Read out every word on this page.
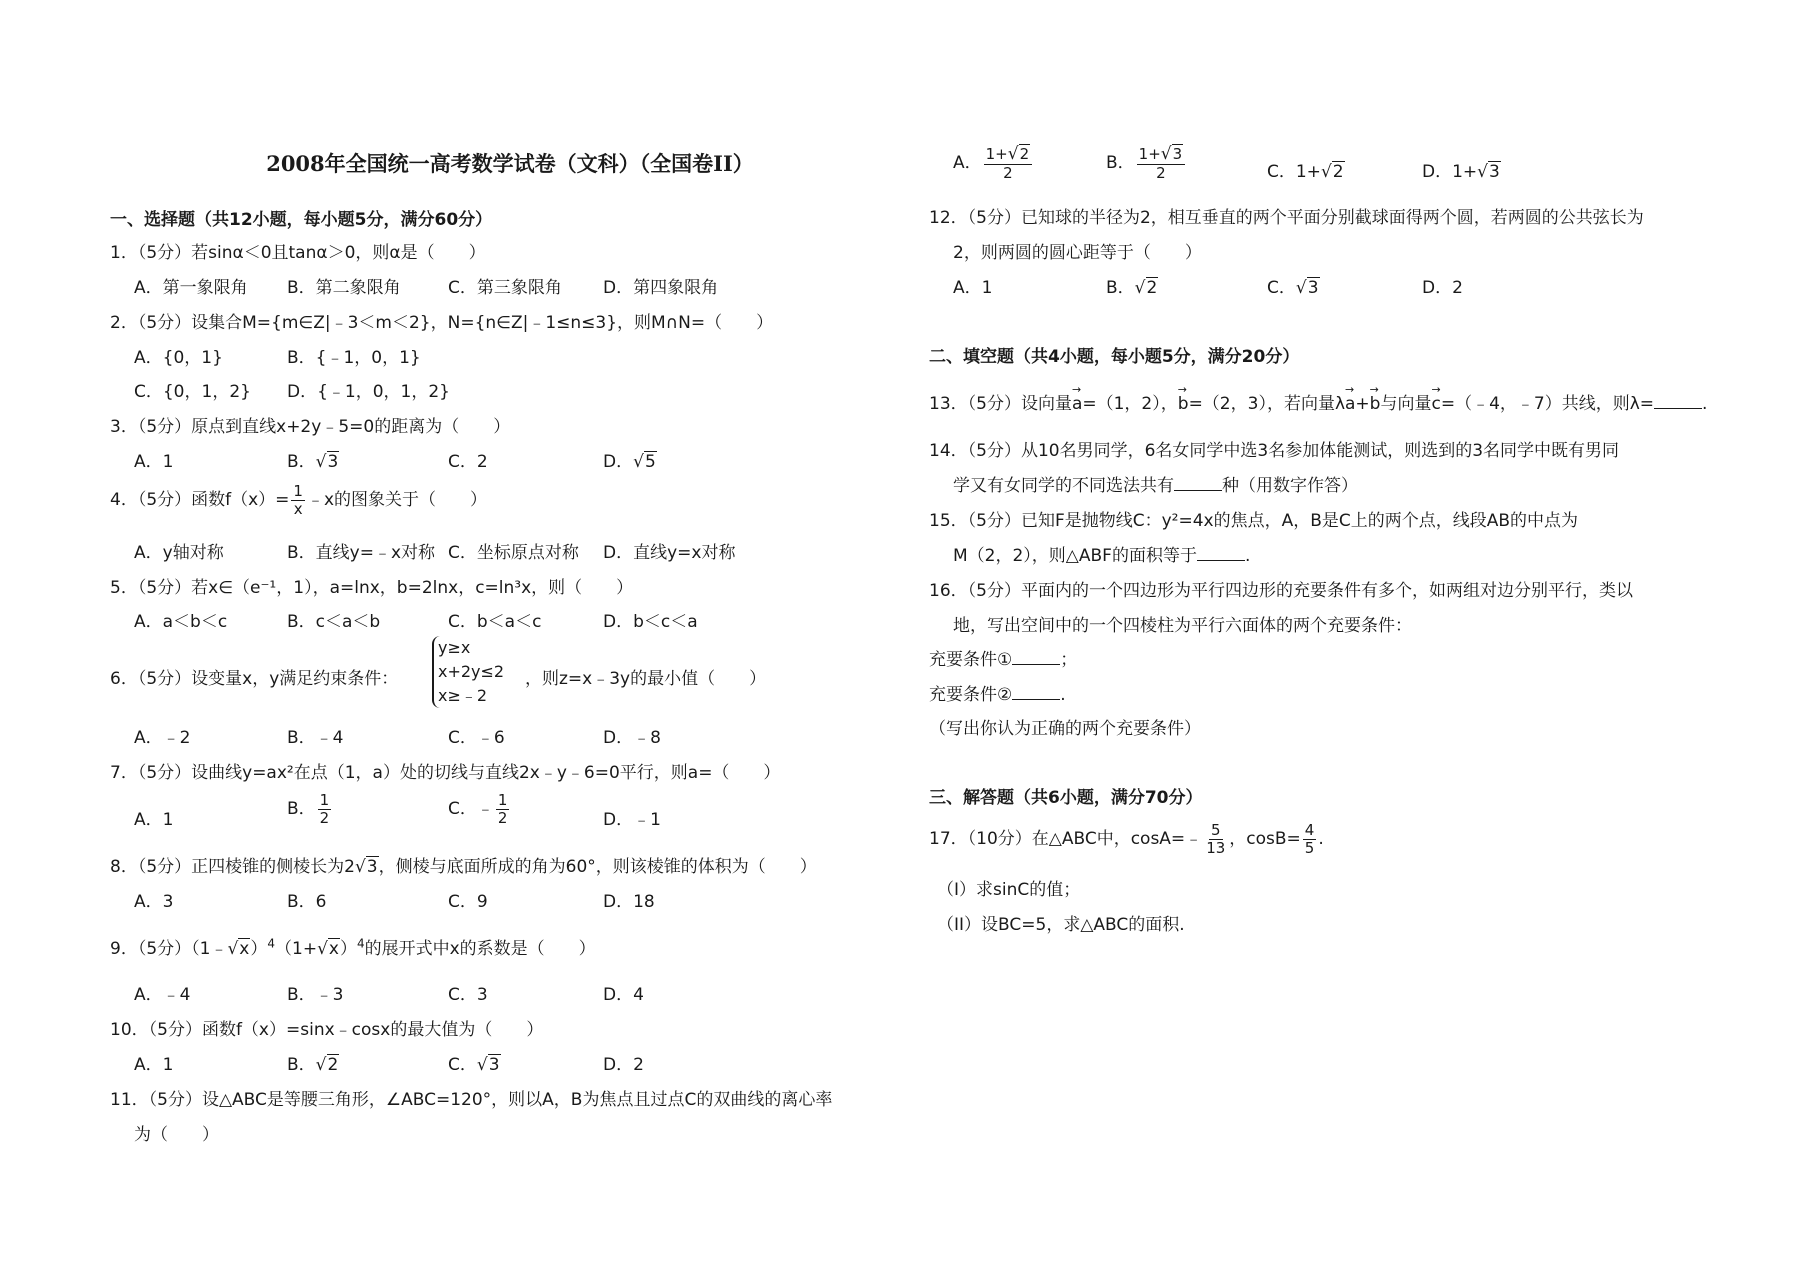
2008年全国统一高考数学试卷（文科）（全国卷II）
一、选择题（共12小题，每小题5分，满分60分）
1．（5分）若sinα＜0且tanα＞0，则α是（　　）
A．第一象限角 B．第二象限角	C．第三象限角 D．第四象限角
2．（5分）设集合M={m∈Z|﹣3＜m＜2}，N={n∈Z|﹣1≤n≤3}，则M∩N=（　　）
A．{0，1}	B．{﹣1，0，1}
C．{0，1，2} D．{﹣1，0，1，2}
3．（5分）原点到直线x+2y﹣5=0的距离为（　　）
A．1	B．√3	C．2	D．√5
4．（5分）函数$f(x)= \frac{1}{x}$ ﹣x的图象关于（　　）
A．y轴对称	B．直线y=﹣x对称 C．坐标原点对称 D．直线y=x对称
5．（5分）若x∈（e⁻¹，1），a=lnx，b=2lnx，c=ln³x，则（　　）
A．a＜b＜c	B．c＜a＜b	C．b＜a＜c	D．b＜c＜a
6．（5分）设变量x，y满足约束条件：
y≥x
x+2y≤2
x≥﹣2
，则z=x﹣3y的最小值（　　）
A．﹣2	B．﹣4	C．﹣6	D．﹣8
7．（5分）设曲线y=ax²在点（1，a）处的切线与直线2x﹣y﹣6=0平行，则a=（　　）
A．1
B． $\frac{1}{2}$	C．﹣ $\frac{1}{2}$	D．﹣1
8．（5分）正四棱锥的侧棱长为2√3，侧棱与底面所成的角为60°，则该棱锥的体积为（　　）
A．3	B．6	C．9	D．18
9．（5分）$(1﹣√x)^4(1+√x)^4$的展开式中x的系数是（　　）
A．﹣4	B．﹣3	C．3	D．4
10．（5分）函数f（x）=sinx﹣cosx的最大值为（　　）
A．1	B．√2	C．√3	D．2
11．（5分）设△ABC是等腰三角形，∠ABC=120°，则以A，B为焦点且过点C的双曲线的离心率
为（　　）
A． $\frac{1+√2}{2}$	B． $\frac{1+√3}{2}$	C．1+√2	D．1+√3
12．（5分）已知球的半径为2，相互垂直的两个平面分别截球面得两个圆，若两圆的公共弦长为
2，则两圆的圆心距等于（　　）
A．1	B．√2	C．√3	D．2
二、填空题（共4小题，每小题5分，满分20分）
13．（5分）设向量→ a=（1，2），→ b=（2，3），若向量λ→ a+→ b与向量→ c=（﹣4，﹣7）共线，则λ=	.
14．（5分）从10名男同学，6名女同学中选3名参加体能测试，则选到的3名同学中既有男同
学又有女同学的不同选法共有	种（用数字作答）
15．（5分）已知F是抛物线C：y²=4x的焦点，A，B是C上的两个点，线段AB的中点为
M（2，2），则△ABF的面积等于	.
16．（5分）平面内的一个四边形为平行四边形的充要条件有多个，如两组对边分别平行，类以
地，写出空间中的一个四棱柱为平行六面体的两个充要条件：
充要条件①	；
充要条件②	.
（写出你认为正确的两个充要条件）
三、解答题（共6小题，满分70分）
17．（10分）在△ABC中，cosA=﹣ $\frac{5}{13}$ ，$\cos B= \frac{4}{5}$ .
（I）求sinC的值；
（II）设BC=5，求△ABC的面积.
